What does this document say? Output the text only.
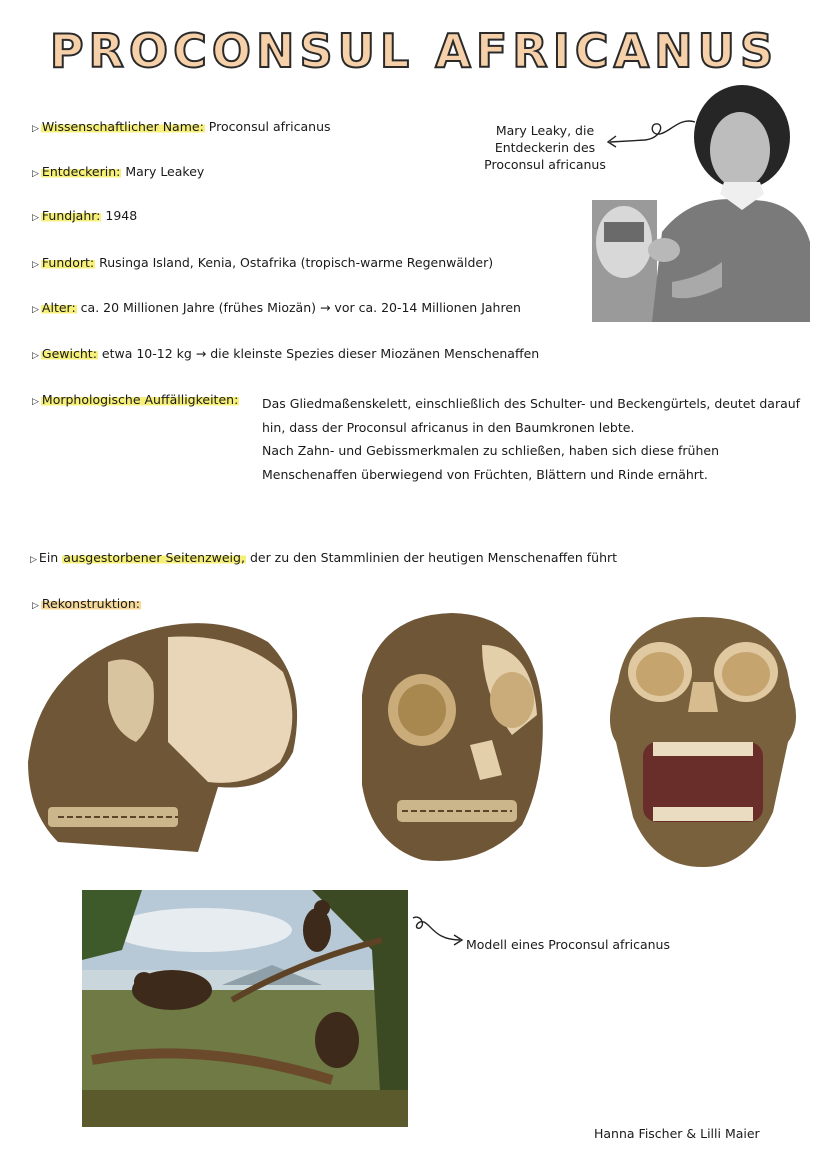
PROCONSUL AFRICANUS
▷ Wissenschaftlicher Name: Proconsul africanus
▷ Entdeckerin: Mary Leakey
▷ Fundjahr: 1948
▷ Fundort: Rusinga Island, Kenia, Ostafrika (tropisch-warme Regenwälder)
▷ Alter: ca. 20 Millionen Jahre (frühes Miozän) → vor ca. 20-14 Millionen Jahren
▷ Gewicht: etwa 10-12 kg → die kleinste Spezies dieser Miozänen Menschenaffen
▷ Morphologische Auffälligkeiten: Das Gliedmaßenskelett, einschließlich des Schulter- und Beckengürtels, deutet darauf hin, dass der Proconsul africanus in den Baumkronen lebte.

Nach Zahn- und Gebissmerkmalen zu schließen, haben sich diese frühen Menschenaffen überwiegend von Früchten, Blättern und Rinde ernährt.

▷ Ein ausgestorbener Seitenzweig, der zu den Stammlinien der heutigen Menschenaffen führt
▷ Rekonstruktion:
Mary Leaky, die Entdeckerin des Proconsul africanus
Modell eines Proconsul africanus
Hanna Fischer & Lilli Maier
